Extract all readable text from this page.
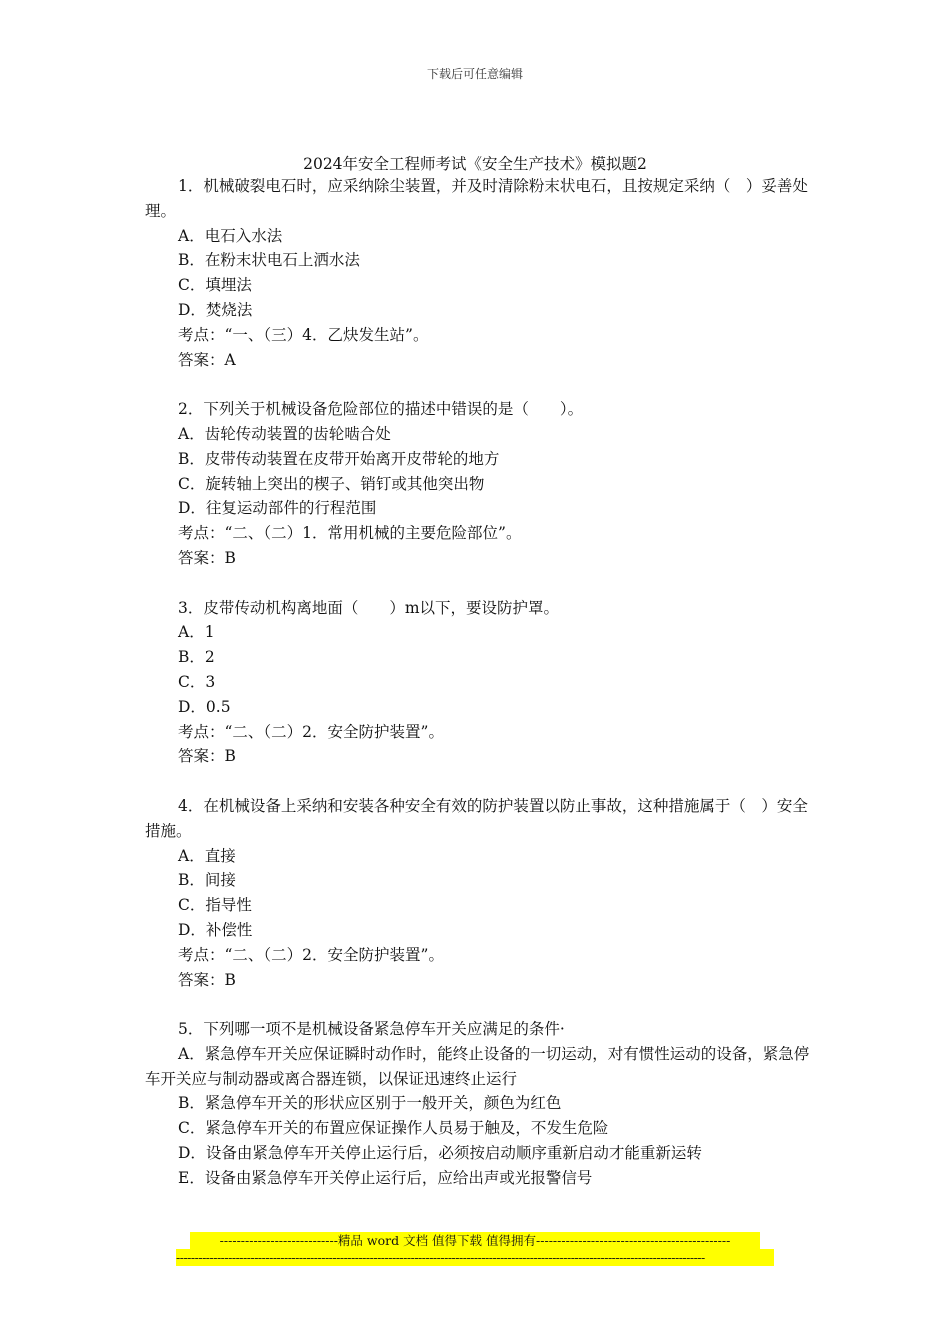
下载后可任意编辑
2024年安全工程师考试《安全生产技术》模拟题2
1．机械破裂电石时，应采纳除尘装置，并及时清除粉末状电石，且按规定采纳（　）妥善处理。
A．电石入水法
B．在粉末状电石上洒水法
C．填埋法
D．焚烧法
考点：“一、（三）4．乙炔发生站”。
答案：A
2．下列关于机械设备危险部位的描述中错误的是（　　）。
A．齿轮传动装置的齿轮啮合处
B．皮带传动装置在皮带开始离开皮带轮的地方
C．旋转轴上突出的楔子、销钉或其他突出物
D．往复运动部件的行程范围
考点：“二、（二）1．常用机械的主要危险部位”。
答案：B
3．皮带传动机构离地面（　　）m以下，要设防护罩。
A．1
B．2
C．3
D．0.5
考点：“二、（二）2．安全防护装置”。
答案：B
4．在机械设备上采纳和安装各种安全有效的防护装置以防止事故，这种措施属于（　）安全措施。
A．直接
B．间接
C．指导性
D．补偿性
考点：“二、（二）2．安全防护装置”。
答案：B
5．下列哪一项不是机械设备紧急停车开关应满足的条件·
A．紧急停车开关应保证瞬时动作时，能终止设备的一切运动，对有惯性运动的设备，紧急停车开关应与制动器或离合器连锁，以保证迅速终止运行
B．紧急停车开关的形状应区别于一般开关，颜色为红色
C．紧急停车开关的布置应保证操作人员易于触及，不发生危险
D．设备由紧急停车开关停止运行后，必须按启动顺序重新启动才能重新运转
E．设备由紧急停车开关停止运行后，应给出声或光报警信号
----------------------------精品 word 文档 值得下载 值得拥有----------------------------------------------
----------------------------------------------------------------------------------------------------------------------------------------------
